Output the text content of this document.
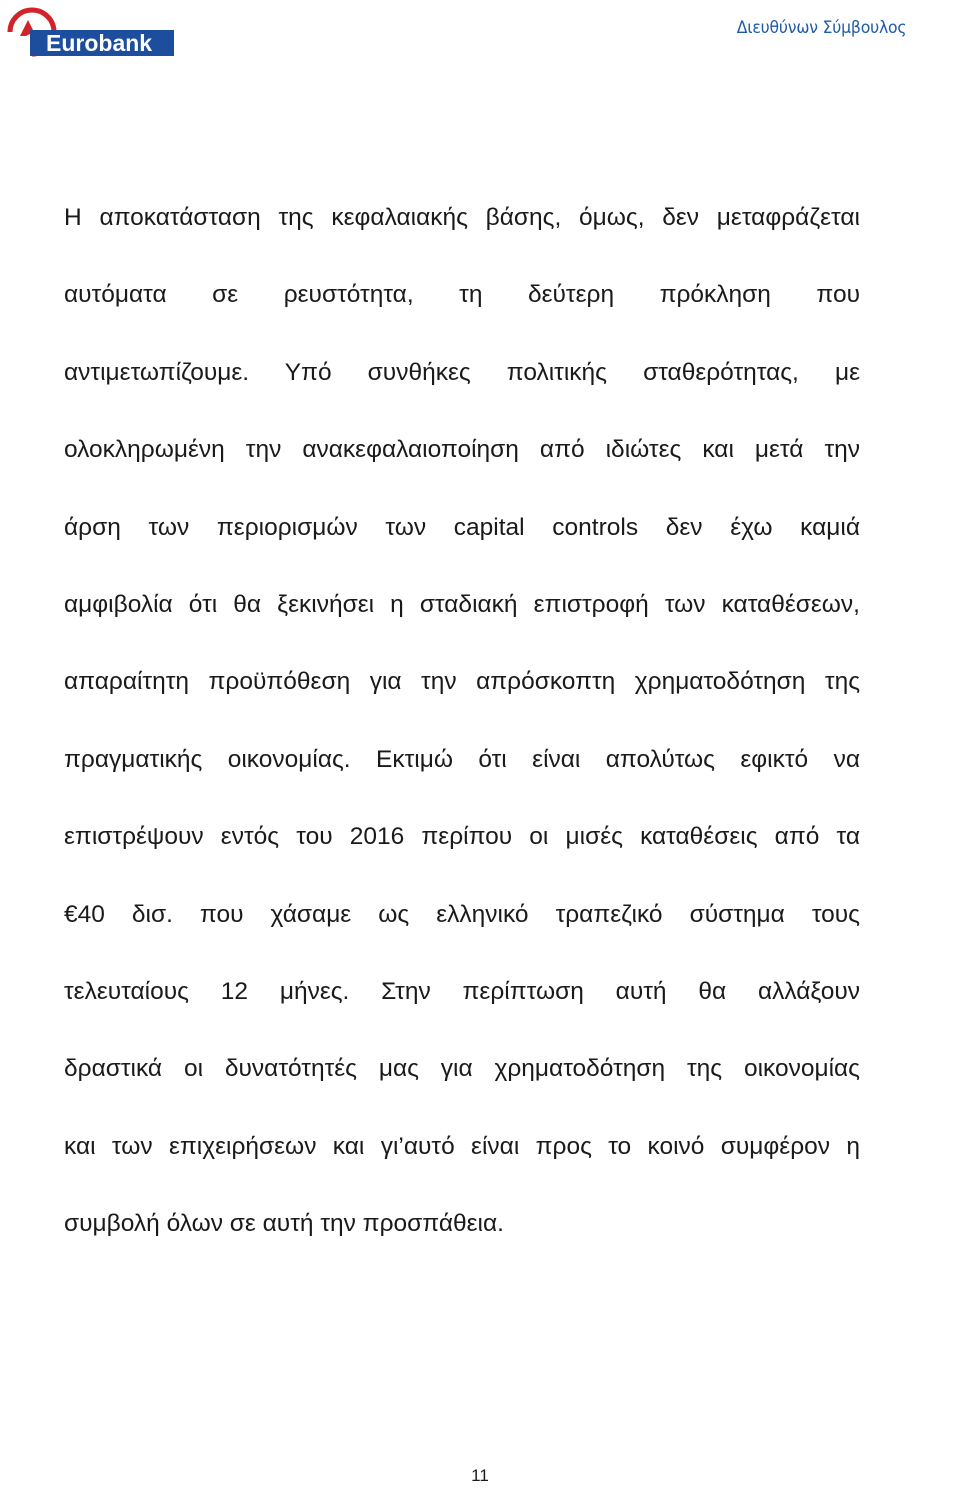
Eurobank
Διευθύνων Σύμβουλος
Η αποκατάσταση της κεφαλαιακής βάσης, όμως, δεν μεταφράζεται
αυτόματα σε ρευστότητα, τη δεύτερη πρόκληση που
αντιμετωπίζουμε. Υπό συνθήκες πολιτικής σταθερότητας, με
ολοκληρωμένη την ανακεφαλαιοποίηση από ιδιώτες και μετά την
άρση των περιορισμών των capital controls δεν έχω καμιά
αμφιβολία ότι θα ξεκινήσει η σταδιακή επιστροφή των καταθέσεων,
απαραίτητη προϋπόθεση για την απρόσκοπτη χρηματοδότηση της
πραγματικής οικονομίας. Εκτιμώ ότι είναι απολύτως εφικτό να
επιστρέψουν εντός του 2016 περίπου οι μισές καταθέσεις από τα
€40 δισ. που χάσαμε ως ελληνικό τραπεζικό σύστημα τους
τελευταίους 12 μήνες. Στην περίπτωση αυτή θα αλλάξουν
δραστικά οι δυνατότητές μας για χρηματοδότηση της οικονομίας
και των επιχειρήσεων και γι’αυτό είναι προς το κοινό συμφέρον η
συμβολή όλων σε αυτή την προσπάθεια.
11
